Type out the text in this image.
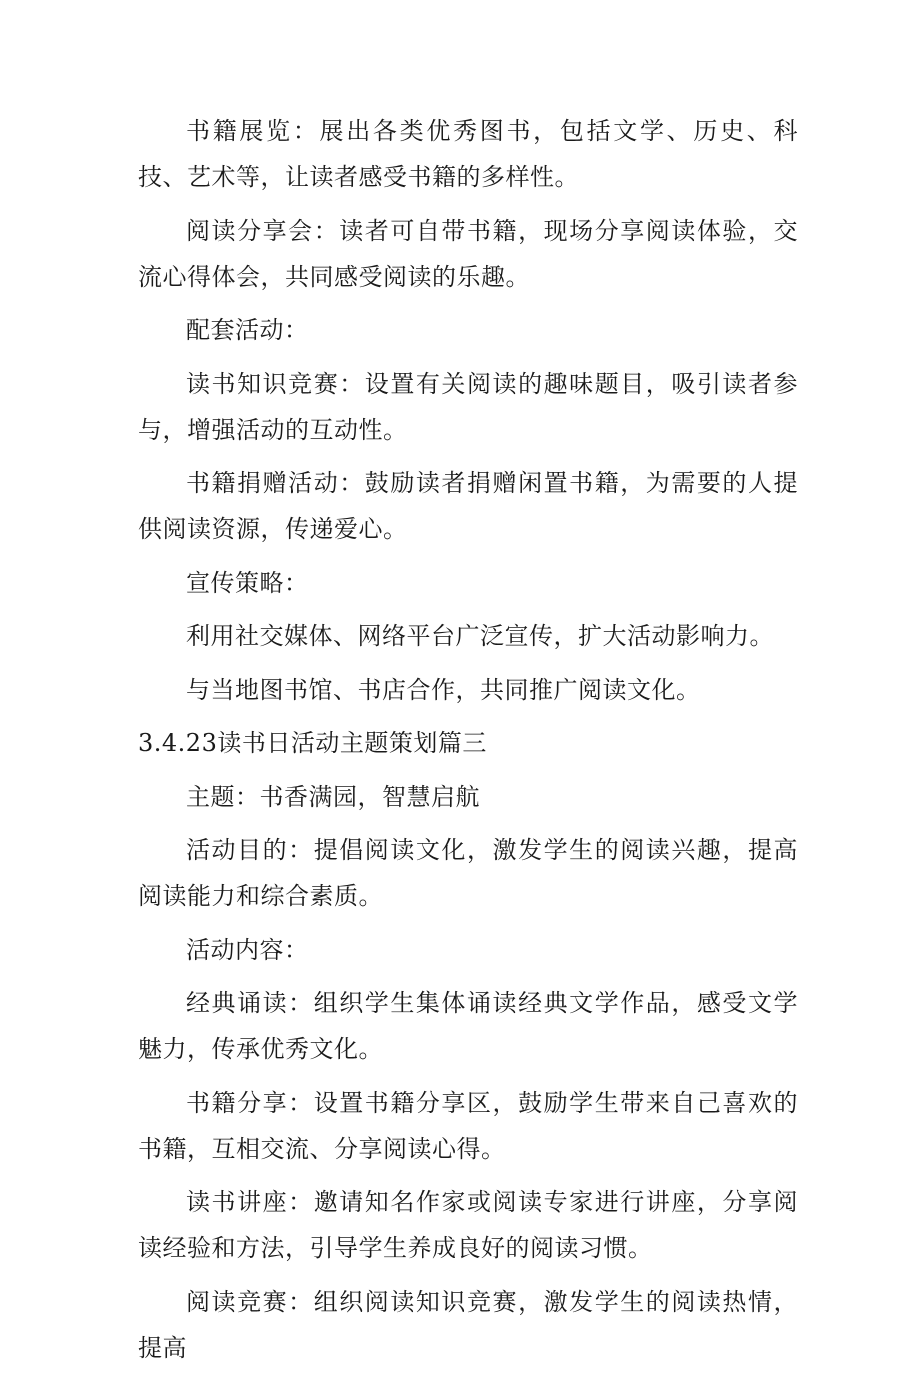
书籍展览：展出各类优秀图书，包括文学、历史、科技、艺术等，让读者感受书籍的多样性。

阅读分享会：读者可自带书籍，现场分享阅读体验，交流心得体会，共同感受阅读的乐趣。

配套活动：

读书知识竞赛：设置有关阅读的趣味题目，吸引读者参与，增强活动的互动性。

书籍捐赠活动：鼓励读者捐赠闲置书籍，为需要的人提供阅读资源，传递爱心。

宣传策略：

利用社交媒体、网络平台广泛宣传，扩大活动影响力。

与当地图书馆、书店合作，共同推广阅读文化。

3.4.23读书日活动主题策划篇三

主题：书香满园，智慧启航

活动目的：提倡阅读文化，激发学生的阅读兴趣，提高阅读能力和综合素质。

活动内容：

经典诵读：组织学生集体诵读经典文学作品，感受文学魅力，传承优秀文化。

书籍分享：设置书籍分享区，鼓励学生带来自己喜欢的书籍，互相交流、分享阅读心得。

读书讲座：邀请知名作家或阅读专家进行讲座，分享阅读经验和方法，引导学生养成良好的阅读习惯。

阅读竞赛：组织阅读知识竞赛，激发学生的阅读热情，提高
